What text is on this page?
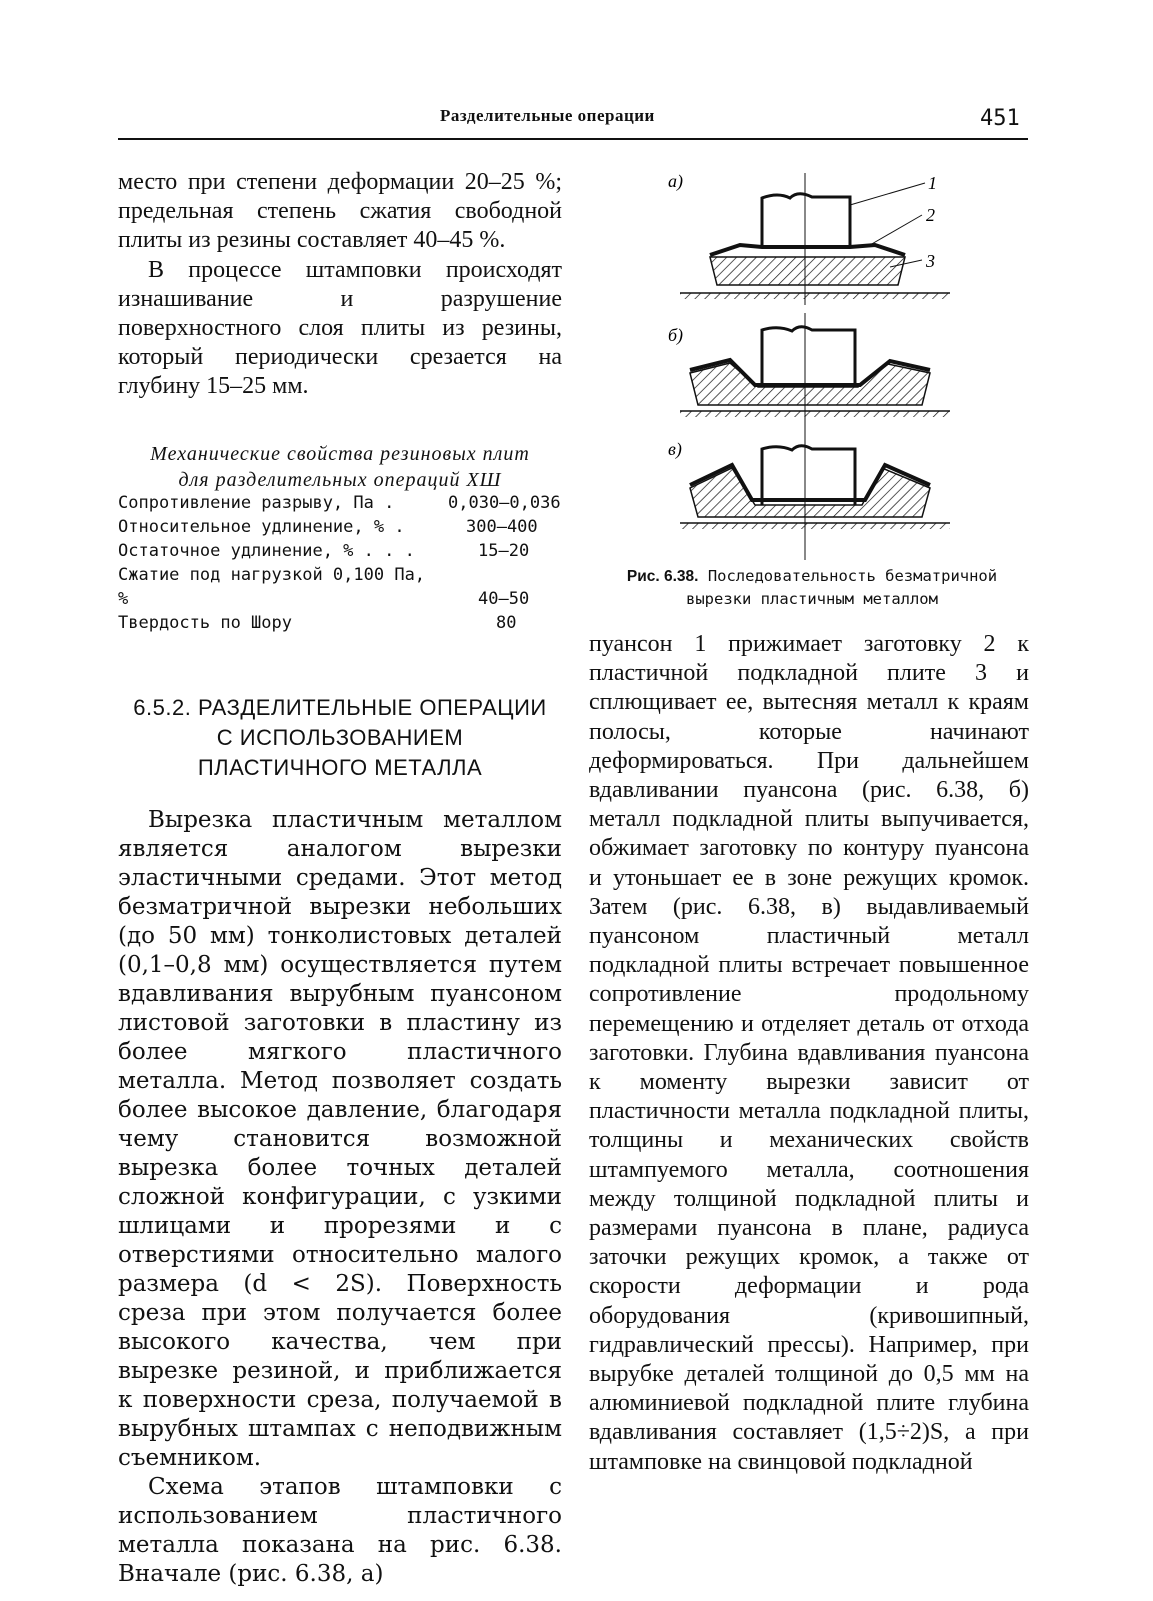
Разделительные операции	451

место при степени деформации 20–25 %; предельная степень сжатия свободной плиты из резины составляет 40–45 %.

В процессе штамповки происходят изнашивание и разрушение поверхностного слоя плиты из резины, который периодически срезается на глубину 15–25 мм.

Механические свойства резиновых плит
для разделительных операций ХШ
Сопротивление разрыву, Па .	0,030–0,036
Относительное удлинение, % .	300–400
Остаточное удлинение, % . . .	15–20
Сжатие под нагрузкой 0,100 Па,
%	40–50
Твердость по Шору	80
6.5.2. РАЗДЕЛИТЕЛЬНЫЕ ОПЕРАЦИИ
С ИСПОЛЬЗОВАНИЕМ
ПЛАСТИЧНОГО МЕТАЛЛА

Вырезка пластичным металлом является аналогом вырезки эластичными средами. Этот метод безматричной вырезки небольших (до 50 мм) тонколистовых деталей (0,1–0,8 мм) осуществляется путем вдавливания вырубным пуансоном листовой заготовки в пластину из более мягкого пластичного металла. Метод позволяет создать более высокое давление, благодаря чему становится возможной вырезка более точных деталей сложной конфигурации, с узкими шлицами и прорезями и с отверстиями относительно малого размера (d < 2S). Поверхность среза при этом получается более высокого качества, чем при вырезке резиной, и приближается к поверхности среза, получаемой в вырубных штампах с неподвижным съемником.

Схема этапов штамповки с использованием пластичного металла показана на рис. 6.38. Вначале (рис. 6.38, а)

а)	1
2
3
б)
в)
Рис. 6.38. Последовательность безматричной
вырезки пластичным металлом

пуансон 1 прижимает заготовку 2 к пластичной подкладной плите 3 и сплющивает ее, вытесняя металл к краям полосы, которые начинают деформироваться. При дальнейшем вдавливании пуансона (рис. 6.38, б) металл подкладной плиты выпучивается, обжимает заготовку по контуру пуансона и утоньшает ее в зоне режущих кромок. Затем (рис. 6.38, в) выдавливаемый пуансоном пластичный металл подкладной плиты встречает повышенное сопротивление продольному перемещению и отделяет деталь от отхода заготовки. Глубина вдавливания пуансона к моменту вырезки зависит от пластичности металла подкладной плиты, толщины и механических свойств штампуемого металла, соотношения между толщиной подкладной плиты и размерами пуансона в плане, радиуса заточки режущих кромок, а также от скорости деформации и рода оборудования (кривошипный, гидравлический прессы). Например, при вырубке деталей толщиной до 0,5 мм на алюминиевой подкладной плите глубина вдавливания составляет (1,5÷2)S, а при штамповке на свинцовой подкладной
